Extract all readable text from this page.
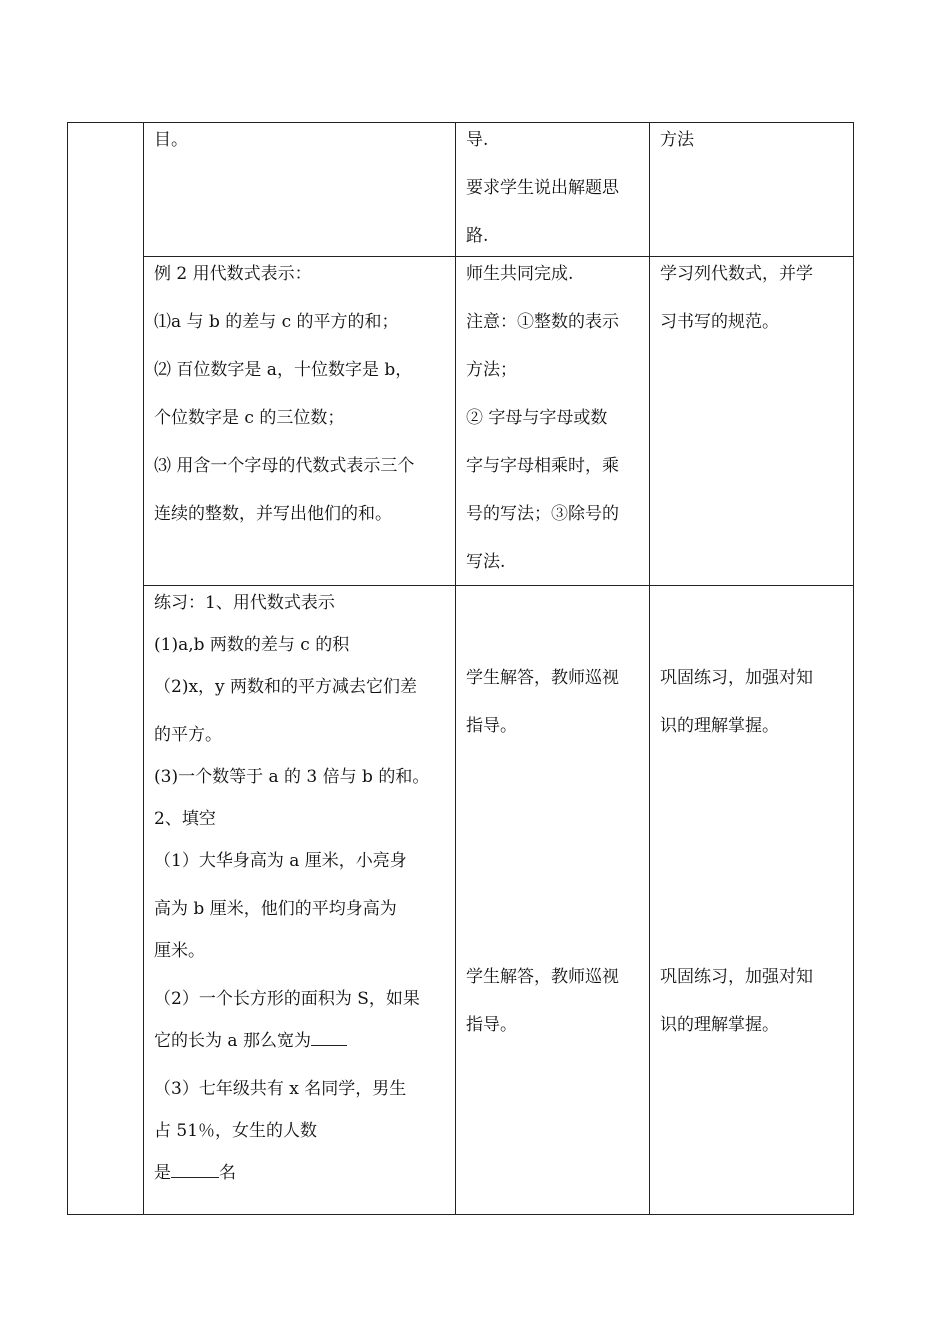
目。	导.
要求学生说出解题思
路.
方法
例 2 用代数式表示：
⑴a 与 b 的差与 c 的平方的和；
⑵ 百位数字是 a，十位数字是 b，
个位数字是 c 的三位数；
⑶ 用含一个字母的代数式表示三个
连续的整数，并写出他们的和。
师生共同完成.
注意：①整数的表示
方法；
② 字母与字母或数
字与字母相乘时，乘
号的写法；③除号的
写法.
学习列代数式，并学
习书写的规范。
练习：1、用代数式表示
(1)a,b 两数的差与 c 的积
（2)x，y 两数和的平方减去它们差
的平方。
(3)一个数等于 a 的 3 倍与 b 的和。
2、填空
（1）大华身高为 a 厘米，小亮身
高为 b 厘米，他们的平均身高为
厘米。
（2）一个长方形的面积为 S，如果
它的长为 a 那么宽为
（3）七年级共有 x 名同学，男生
占 51％，女生的人数
是	名
学生解答，教师巡视
指导。
巩固练习，加强对知
识的理解掌握。
学生解答，教师巡视
指导。
巩固练习，加强对知
识的理解掌握。
